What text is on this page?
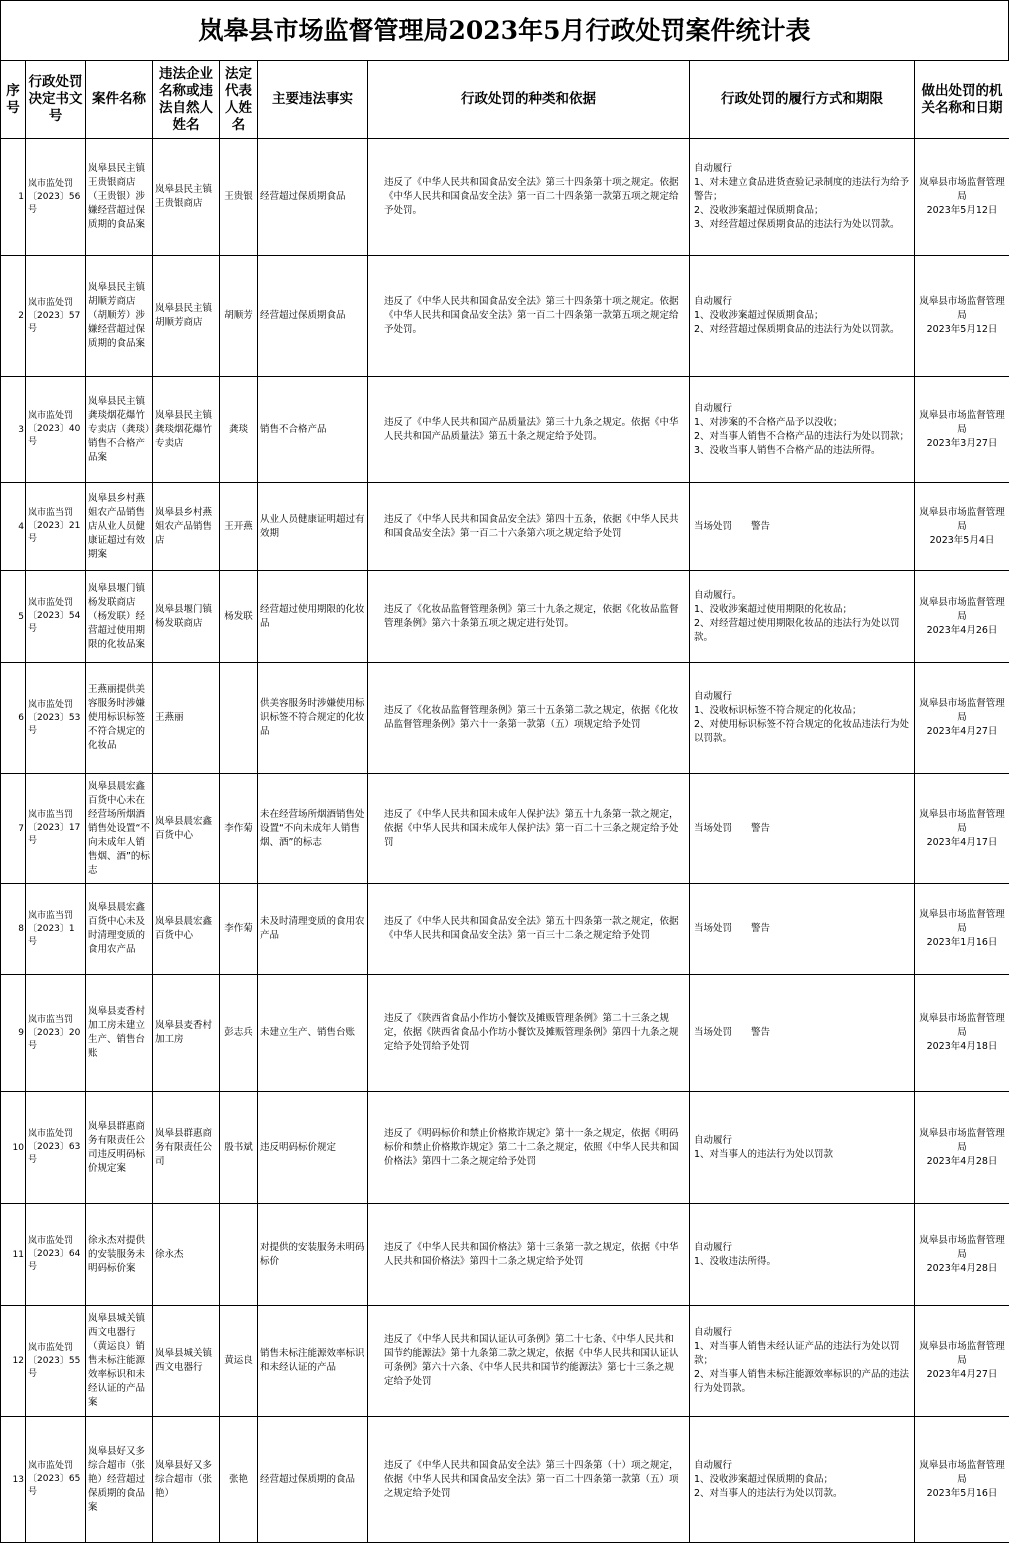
岚皋县市场监督管理局2023年5月行政处罚案件统计表
序号	行政处罚决定书文号	案件名称	违法企业名称或违法自然人姓名	法定代表人姓名	主要违法事实	行政处罚的种类和依据	行政处罚的履行方式和期限	做出处罚的机关名称和日期

1	岚市监处罚〔2023〕56号	岚皋县民主镇王贵银商店（王贵银）涉嫌经营超过保质期的食品案	岚皋县民主镇王贵银商店	王贵银	经营超过保质期食品	违反了《中华人民共和国食品安全法》第三十四条第十项之规定。依据《中华人民共和国食品安全法》第一百二十四条第一款第五项之规定给予处罚。	自动履行
1、对未建立食品进货查验记录制度的违法行为给予警告；
2、没收涉案超过保质期食品；
3、对经营超过保质期食品的违法行为处以罚款。	岚皋县市场监督管理局
2023年5月12日

2	岚市监处罚〔2023〕57号	岚皋县民主镇胡顺芳商店（胡顺芳）涉嫌经营超过保质期的食品案	岚皋县民主镇胡顺芳商店	胡顺芳	经营超过保质期食品	违反了《中华人民共和国食品安全法》第三十四条第十项之规定。依据《中华人民共和国食品安全法》第一百二十四条第一款第五项之规定给予处罚。	自动履行
1、没收涉案超过保质期食品；
2、对经营超过保质期食品的违法行为处以罚款。	岚皋县市场监督管理局
2023年5月12日

3	岚市监处罚〔2023〕40号	岚皋县民主镇龚琰烟花爆竹专卖店（龚琰）销售不合格产品案	岚皋县民主镇龚琰烟花爆竹专卖店	龚琰	销售不合格产品	违反了《中华人民共和国产品质量法》第三十九条之规定。依据《中华人民共和国产品质量法》第五十条之规定给予处罚。	自动履行
1、对涉案的不合格产品予以没收；
2、对当事人销售不合格产品的违法行为处以罚款；
3、没收当事人销售不合格产品的违法所得。	岚皋县市场监督管理局
2023年3月27日

4	岚市监当罚〔2023〕21号	岚皋县乡村燕姐农产品销售店从业人员健康证超过有效期案	岚皋县乡村燕姐农产品销售店	王开燕	从业人员健康证明超过有效期	违反了《中华人民共和国食品安全法》第四十五条，依据《中华人民共和国食品安全法》第一百二十六条第六项之规定给予处罚	当场处罚　　警告	岚皋县市场监督管理局
2023年5月4日

5	岚市监处罚〔2023〕54号	岚皋县堰门镇杨发联商店（杨发联）经营超过使用期限的化妆品案	岚皋县堰门镇杨发联商店	杨发联	经营超过使用期限的化妆品	违反了《化妆品监督管理条例》第三十九条之规定，依据《化妆品监督管理条例》第六十条第五项之规定进行处罚。	自动履行。
1、没收涉案超过使用期限的化妆品；
2、对经营超过使用期限化妆品的违法行为处以罚款。	岚皋县市场监督管理局
2023年4月26日

6	岚市监处罚〔2023〕53号	王燕丽提供美容服务时涉嫌使用标识标签不符合规定的化妆品	王燕丽		供美容服务时涉嫌使用标识标签不符合规定的化妆品	违反了《化妆品监督管理条例》第三十五条第二款之规定，依据《化妆品监督管理条例》第六十一条第一款第（五）项规定给予处罚	自动履行
1、没收标识标签不符合规定的化妆品；
2、对使用标识标签不符合规定的化妆品违法行为处以罚款。	岚皋县市场监督管理局
2023年4月27日

7	岚市监当罚〔2023〕17号	岚皋县晨宏鑫百货中心未在经营场所烟酒销售处设置“不向未成年人销售烟、酒”的标志	岚皋县晨宏鑫百货中心	李作菊	未在经营场所烟酒销售处设置“不向未成年人销售烟、酒”的标志	违反了《中华人民共和国未成年人保护法》第五十九条第一款之规定，依据《中华人民共和国未成年人保护法》第一百二十三条之规定给予处罚	当场处罚　　警告	岚皋县市场监督管理局
2023年4月17日

8	岚市监当罚〔2023〕1号	岚皋县晨宏鑫百货中心未及时清理变质的食用农产品	岚皋县晨宏鑫百货中心	李作菊	未及时清理变质的食用农产品	违反了《中华人民共和国食品安全法》第五十四条第一款之规定，依据《中华人民共和国食品安全法》第一百三十二条之规定给予处罚	当场处罚　　警告	岚皋县市场监督管理局
2023年1月16日

9	岚市监当罚〔2023〕20号	岚皋县麦香村加工房未建立生产、销售台账	岚皋县麦香村加工房	彭志兵	未建立生产、销售台账	违反了《陕西省食品小作坊小餐饮及摊贩管理条例》第二十三条之规定，依据《陕西省食品小作坊小餐饮及摊贩管理条例》第四十九条之规定给予处罚给予处罚	当场处罚　　警告	岚皋县市场监督管理局
2023年4月18日

10	岚市监处罚〔2023〕63号	岚皋县群惠商务有限责任公司违反明码标价规定案	岚皋县群惠商务有限责任公司	殷书斌	违反明码标价规定	违反了《明码标价和禁止价格欺诈规定》第十一条之规定，依据《明码标价和禁止价格欺诈规定》第二十二条之规定，依照《中华人民共和国价格法》第四十二条之规定给予处罚	自动履行
1、对当事人的违法行为处以罚款	岚皋县市场监督管理局
2023年4月28日

11	岚市监处罚〔2023〕64号	徐永杰对提供的安装服务未明码标价案	徐永杰		对提供的安装服务未明码标价	违反了《中华人民共和国价格法》第十三条第一款之规定，依据《中华人民共和国价格法》第四十二条之规定给予处罚	自动履行
1、没收违法所得。	岚皋县市场监督管理局
2023年4月28日

12	岚市监处罚〔2023〕55号	岚皋县城关镇西文电器行（黄运良）销售未标注能源效率标识和未经认证的产品案	岚皋县城关镇西文电器行	黄运良	销售未标注能源效率标识和未经认证的产品	违反了《中华人民共和国认证认可条例》第二十七条、《中华人民共和国节约能源法》第十九条第二款之规定，依据《中华人民共和国认证认可条例》第六十六条、《中华人民共和国节约能源法》第七十三条之规定给予处罚	自动履行
1、对当事人销售未经认证产品的违法行为处以罚款；
2、对当事人销售未标注能源效率标识的产品的违法行为处罚款。	岚皋县市场监督管理局
2023年4月27日

13	岚市监处罚〔2023〕65号	岚皋县好又多综合超市（张艳）经营超过保质期的食品案	岚皋县好又多综合超市（张艳）	张艳	经营超过保质期的食品	违反了《中华人民共和国食品安全法》第三十四条第（十）项之规定，依据《中华人民共和国食品安全法》第一百二十四条第一款第（五）项之规定给予处罚	自动履行
1、没收涉案超过保质期的食品；
2、对当事人的违法行为处以罚款。	岚皋县市场监督管理局
2023年5月16日
